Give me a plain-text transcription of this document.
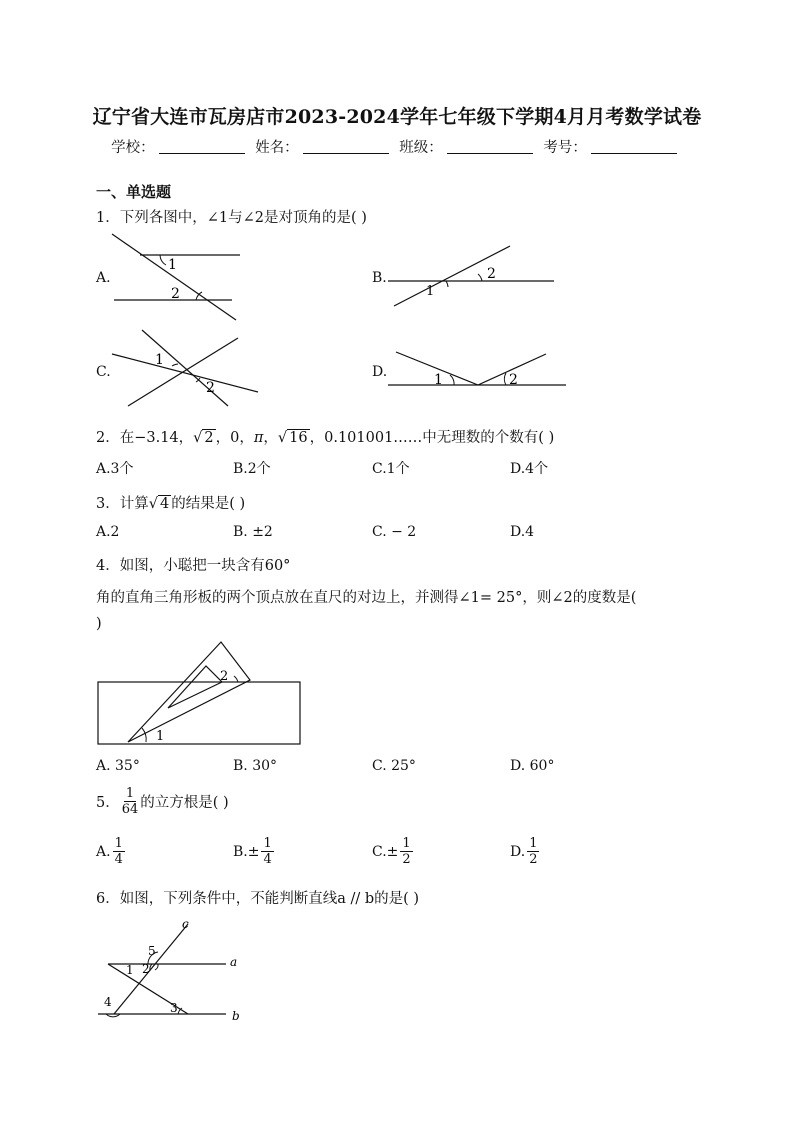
辽宁省大连市瓦房店市2023-2024学年七年级下学期4月月考数学试卷
学校：	姓名：	班级：	考号：
一、单选题
1．下列各图中，∠1与∠2是对顶角的是( )
A.
1
2
B.
1
2
C.
1
2
D.	1	2
2．在−3.14，√ 2 ，0，π，√ 16 ，0.101001……中无理数的个数有( )
A.3个	B.2个	C.1个	D.4个
3．计算√ 4 的结果是( )
A.2	B. ±2	C. − 2	D.4
4．如图，小聪把一块含有60°
角的直角三角形板的两个顶点放在直尺的对边上，并测得∠1= 25°，则∠2的度数是(
)
1
2
A. 35°	B. 30°	C. 25°	D. 60°
5． $\frac{1}{64}$ 的立方根是( )
A. $\frac{1}{4}$	$B.\pm \frac{1}{4}$	$C.\pm \frac{1}{2}$	D. $\frac{1}{2}$
6．如图，下列条件中，不能判断直线a // b的是( )
c
a
b
1 2
3
4
5
